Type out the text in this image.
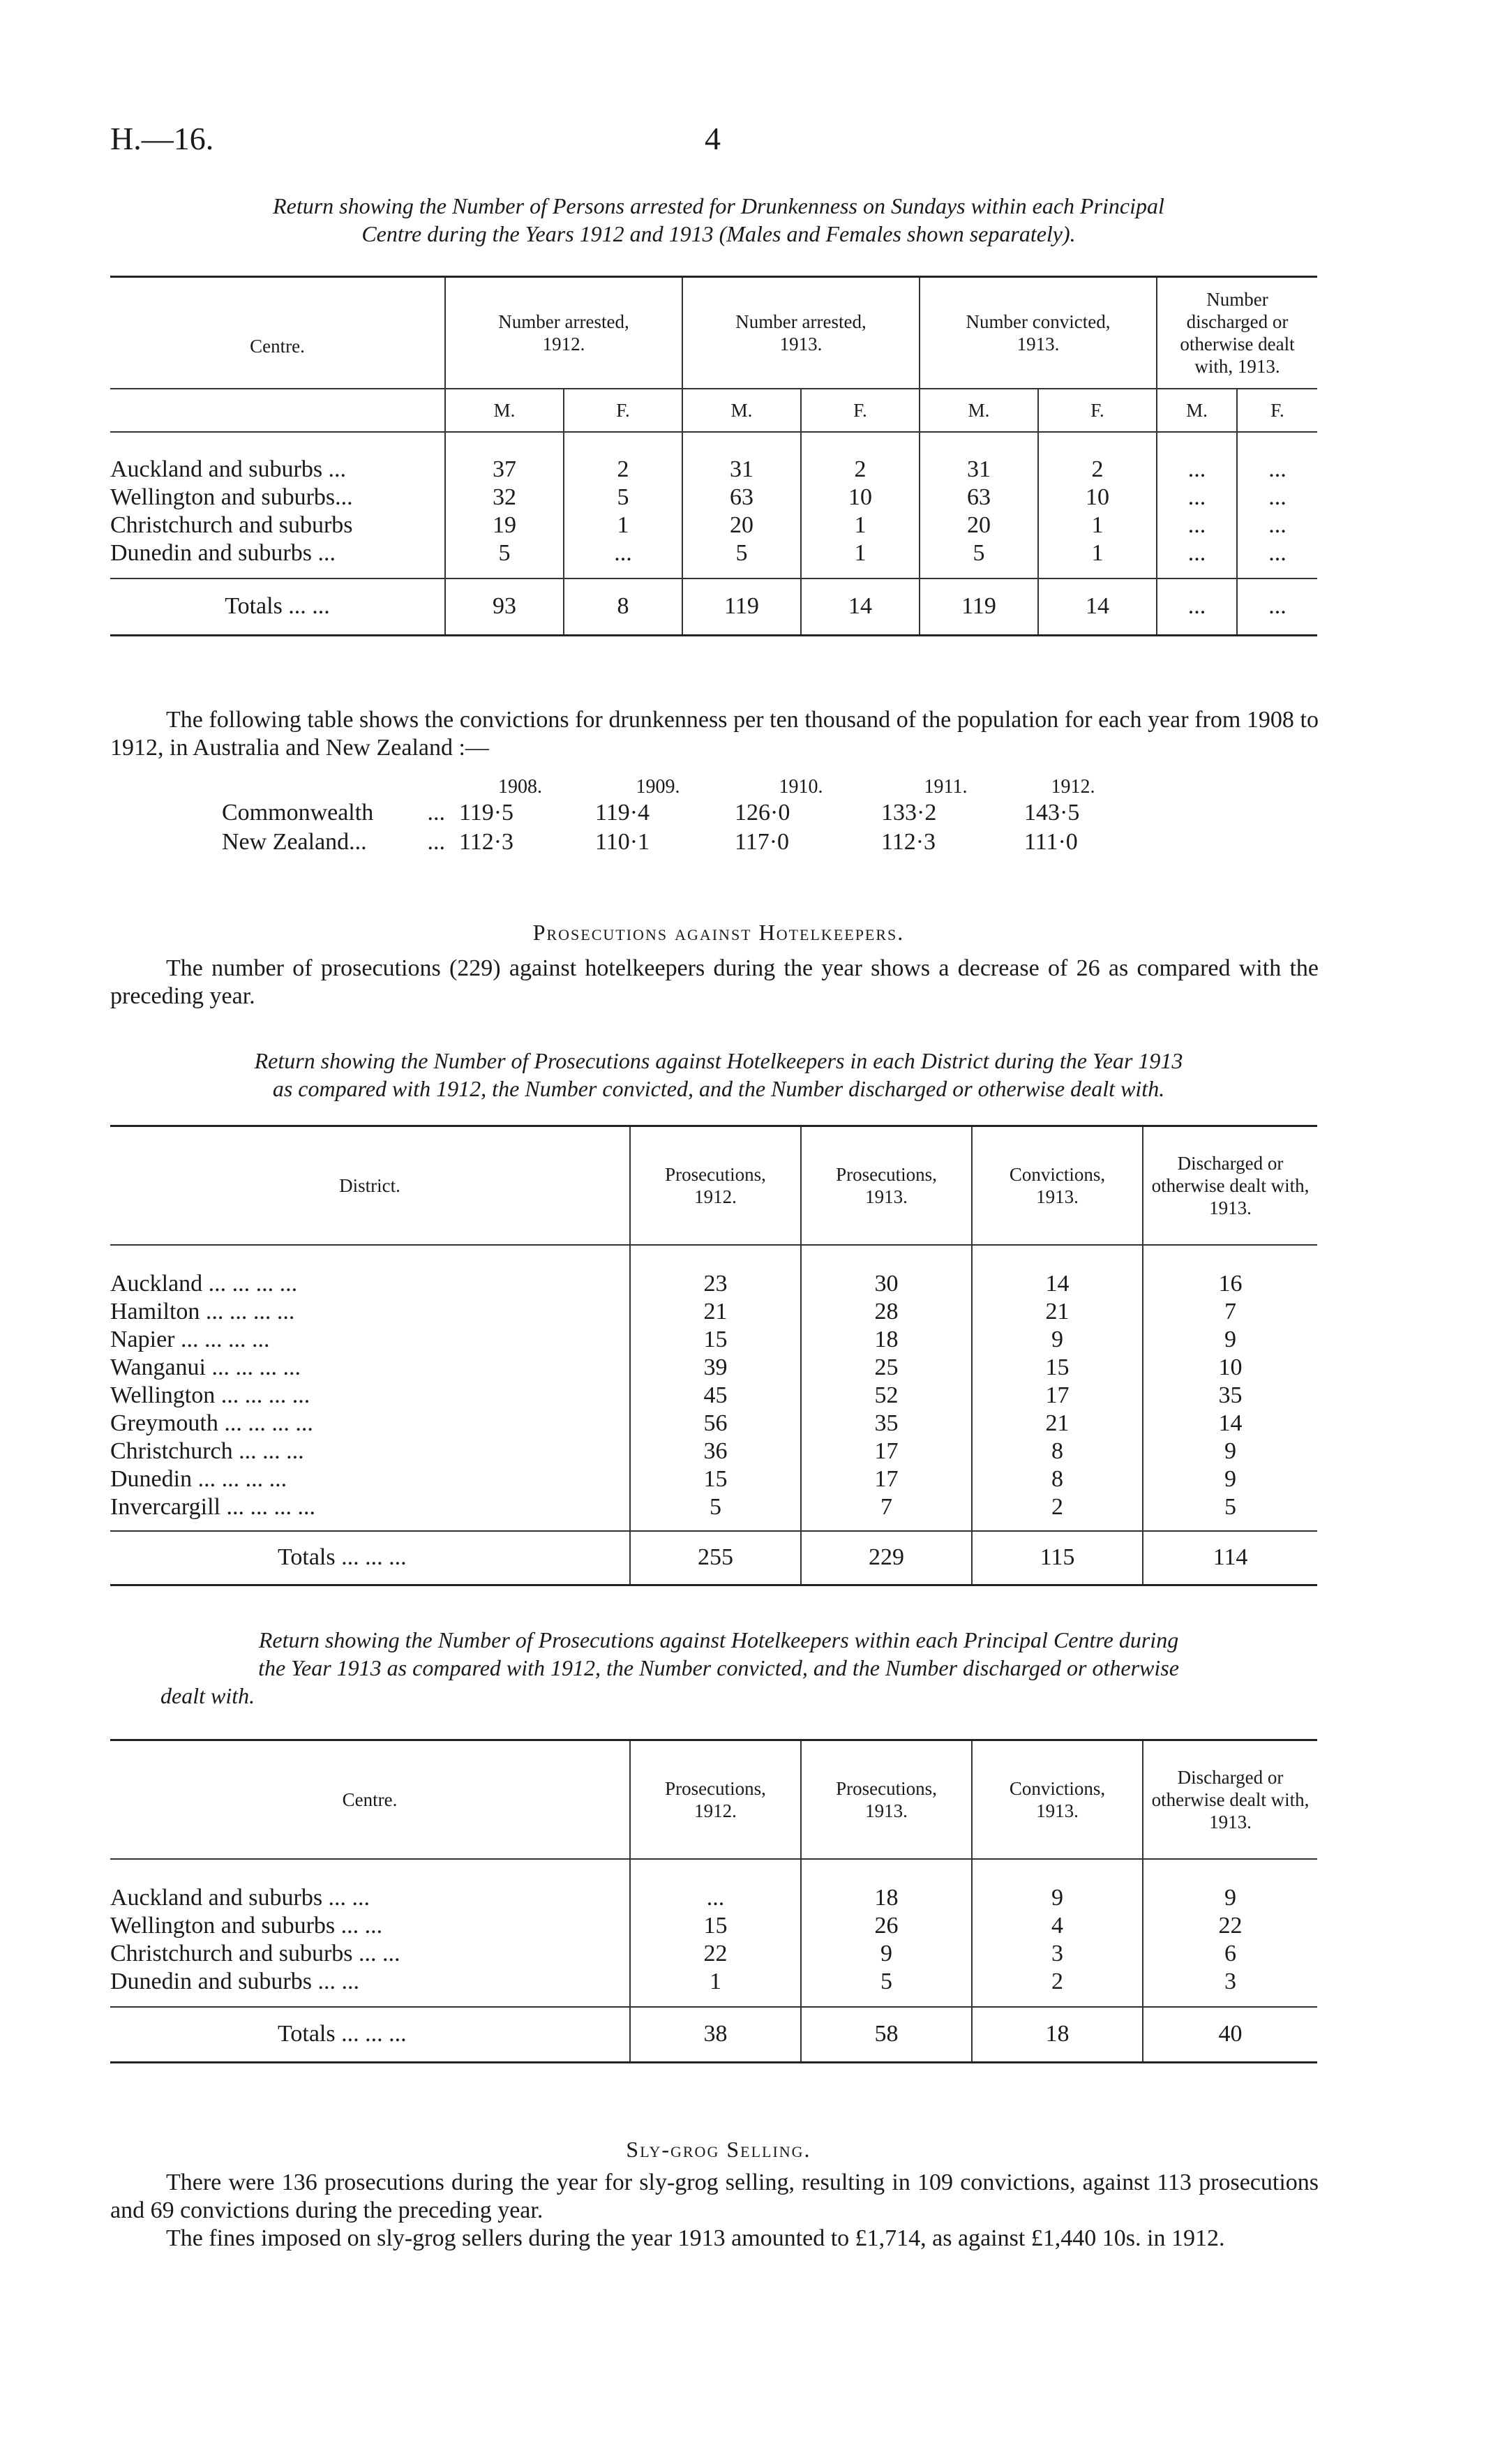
H.—16.	4
Return showing the Number of Persons arrested for Drunkenness on Sundays within each Principal
Centre during the Years 1912 and 1913 (Males and Females shown separately).
Centre.	Number arrested, 1912.		Number arrested, 1913.		Number convicted, 1913.		Number discharged or otherwise dealt with, 1913.	
	M.	F.	M.	F.	M.	F.	M.	F.

Auckland and suburbs ...	37	2	31	2	31	2	...	...
Wellington and suburbs...	32	5	63	10	63	10	...	...
Christchurch and suburbs	19	1	20	1	20	1	...	...
Dunedin and suburbs ...	5	...	5	1	5	1	...	...

Totals ... ...	93	8	119	14	119	14	...	...
The following table shows the convictions for drunkenness per ten thousand of the population for each year from 1908 to 1912, in Australia and New Zealand :—
	1908.	1909.	1910.	1911.	1912.
Commonwealth ...	119·5	119·4	126·0	133·2	143·5
New Zealand... ...	112·3	110·1	117·0	112·3	111·0
Prosecutions against Hotelkeepers.
The number of prosecutions (229) against hotelkeepers during the year shows a decrease of 26 as compared with the preceding year.
Return showing the Number of Prosecutions against Hotelkeepers in each District during the Year 1913
as compared with 1912, the Number convicted, and the Number discharged or otherwise dealt with.
District.	Prosecutions, 1912.	Prosecutions, 1913.	Convictions, 1913.	Discharged or otherwise dealt with, 1913.

Auckland ... ... ... ...	23	30	14	16
Hamilton ... ... ... ...	21	28	21	7
Napier ... ... ... ...	15	18	9	9
Wanganui ... ... ... ...	39	25	15	10
Wellington ... ... ... ...	45	52	17	35
Greymouth ... ... ... ...	56	35	21	14
Christchurch ... ... ...	36	17	8	9
Dunedin ... ... ... ...	15	17	8	9
Invercargill ... ... ... ...	5	7	2	5

Totals ... ... ...	255	229	115	114
Return showing the Number of Prosecutions against Hotelkeepers within each Principal Centre during
the Year 1913 as compared with 1912, the Number convicted, and the Number discharged or otherwise
dealt with.
Centre.	Prosecutions, 1912.	Prosecutions, 1913.	Convictions, 1913.	Discharged or otherwise dealt with, 1913.

Auckland and suburbs ... ...	...	18	9	9
Wellington and suburbs ... ...	15	26	4	22
Christchurch and suburbs ... ...	22	9	3	6
Dunedin and suburbs ... ...	1	5	2	3

Totals ... ... ...	38	58	18	40
Sly-grog Selling.
There were 136 prosecutions during the year for sly-grog selling, resulting in 109 convictions, against 113 prosecutions and 69 convictions during the preceding year.
The fines imposed on sly-grog sellers during the year 1913 amounted to £1,714, as against £1,440 10s. in 1912.
